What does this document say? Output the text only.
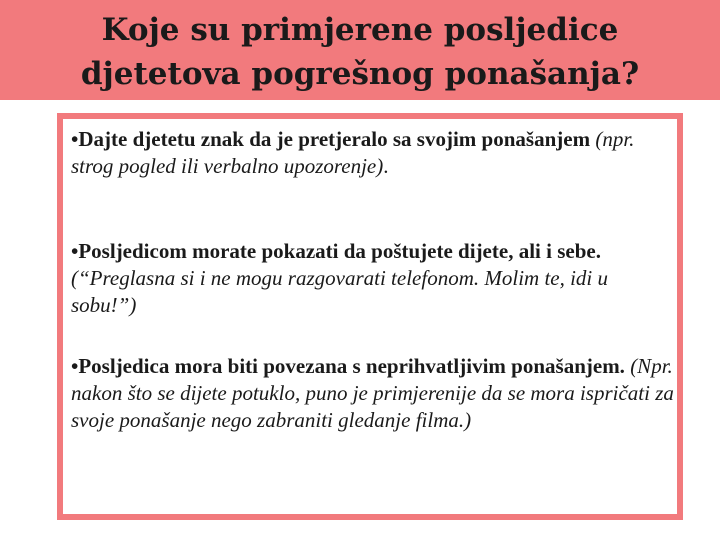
Koje su primjerene posljedice
djetetova pogrešnog ponašanja?

•Dajte djetetu znak da je pretjeralo sa svojim ponašanjem (npr. strog pogled ili verbalno upozorenje).

•Posljedicom morate pokazati da poštujete dijete, ali i sebe. (“Preglasna si i ne mogu razgovarati telefonom. Molim te, idi u sobu!”)

•Posljedica mora biti povezana s neprihvatljivim ponašanjem. (Npr. nakon što se dijete potuklo, puno je primjerenije da se mora ispričati za svoje ponašanje nego zabraniti gledanje filma.)
